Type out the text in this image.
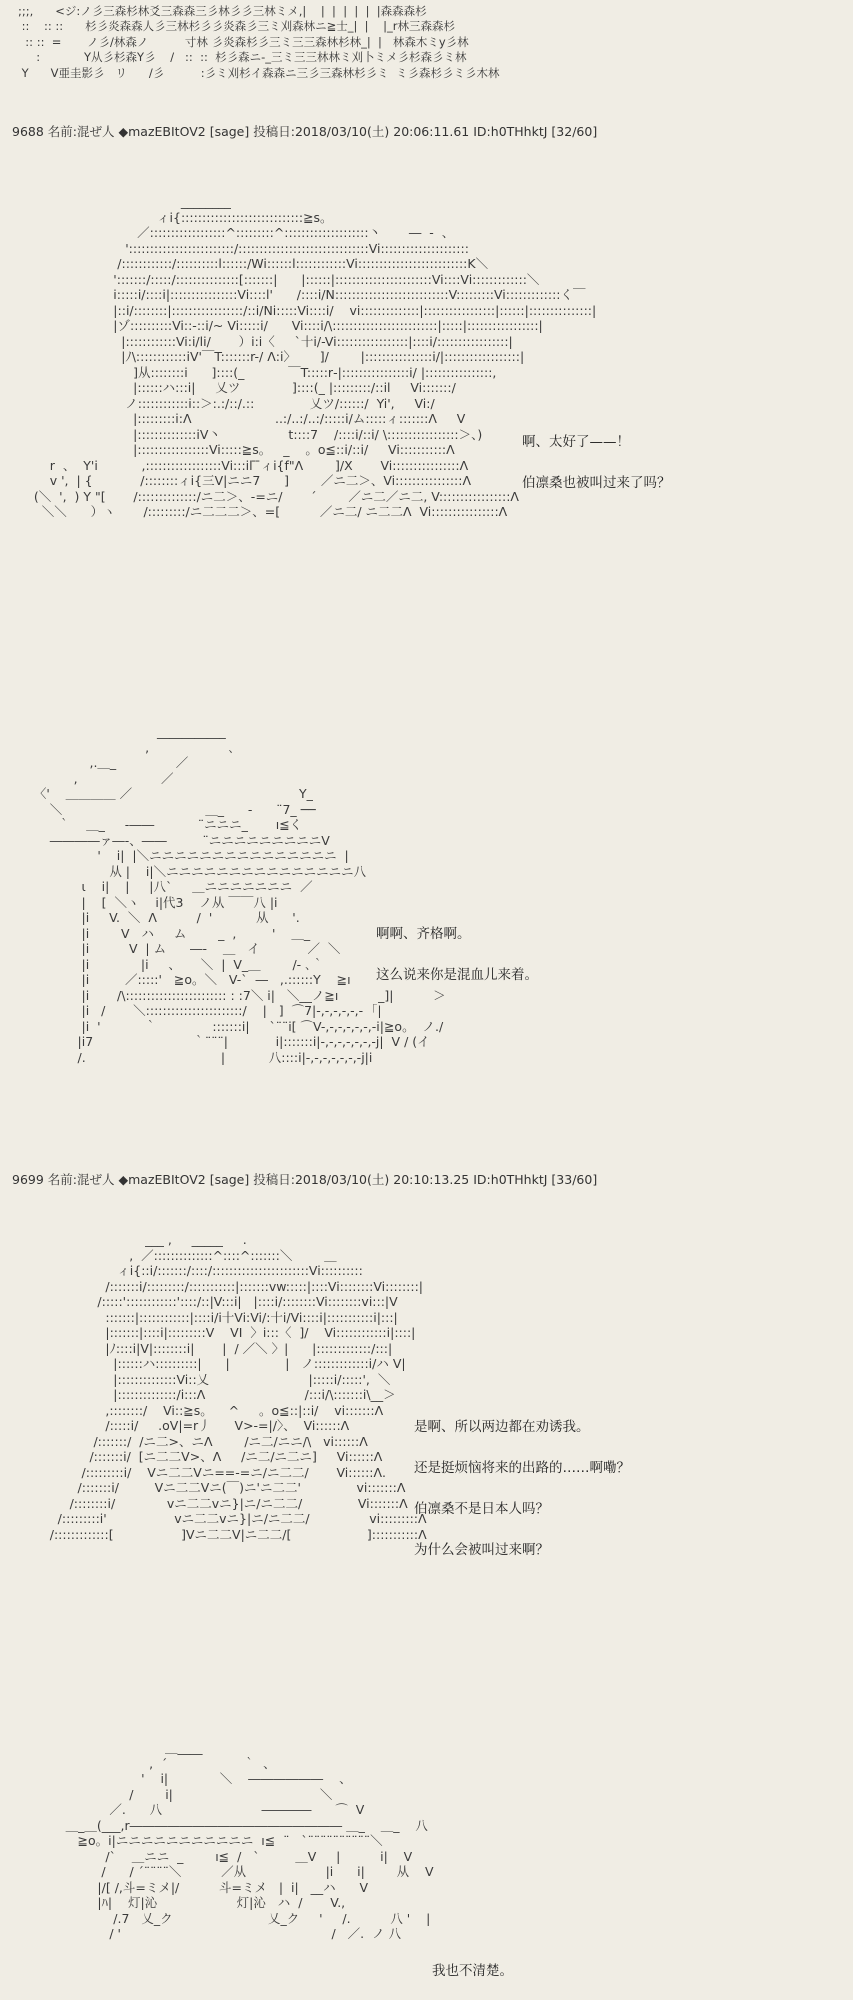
;;;,      <ジ:ノ彡三森杉林爻三森森三彡林彡彡三林ミメ,|    |  |  |  |  |  |森森森杉
::    :: ::      杉彡炎森森人彡三林杉彡彡炎森彡三ミ刈森林ニ≧士_|  |    |_r林三森森杉
:: ::  =       ノ彡/林森ノ          寸林 彡炎森杉彡三ミ三三森林杉林_|  |   林森木ミy彡林
:            Y从彡杉森Y彡    /   ::  ::  杉彡森ニ-_三ミ三三林林ミ刈卜ミメ彡杉森彡ミ林
Y      V亜圭影彡   リ      /彡          :彡ミ刈杉イ森森ニ三彡三森林杉彡ミ  ミ彡森杉彡ミ彡木林
9688 名前:混ぜ人 ◆mazEBItOV2 [sage] 投稿日:2018/03/10(土) 20:06:11.61 ID:h0THhktJ [32/60]
________
ィi{:::::::::::::::::::::::::::::≧s。
／::::::::::::::::::^:::::::::^::::::::::::::::::::丶       ―  -  、
':::::::::::::::::::::::::/:::::::::::::::::::::::::::::::Vi:::::::::::::::::::::
/::::::::::::/::::::::::l::::::/Wi::::::l::::::::::::Vi::::::::::::::::::::::::::K＼
':::::::/:::::/:::::::::::::::[:::::::|      |::::::|:::::::::::::::::::::::Vi::::Vi:::::::::::::＼
i:::::i/::::i|::::::::::::::::Vi::::l'      /::::i/N:::::::::::::::::::::::::::V:::::::::Vi:::::::::::::く￣
|::i/::::::::|:::::::::::::::::/::i/Ni:::::Vi::::i/    vi::::::::::::::|:::::::::::::::::|::::::|:::::::::::::::|
|ゾ::::::::::Vi::-::i/~ Vi:::::i/      Vi::::i/\:::::::::::::::::::::::::|:::::|:::::::::::::::::|
|::::::::::::Vi:i/li/       ）i:i〈     `十i/‐Vi:::::::::::::::::|::::i/:::::::::::::::::|
|ﾉ\::::::::::::iV'￣T:::::::r-/ Λ:i〉      ]/        |::::::::::::::::i/|::::::::::::::::::|
]从::::::::i      ]::::(_           ￣T:::::r‐|::::::::::::::::i/ |::::::::::::::::,
|::::::ハ:::i|     乂ツ             ]::::(_ |:::::::::/::il     Vi:::::::/
ノ::::::::::::i::＞:.:/::/.::              乂ツ/::::::/  Yi',     Vi:/
|:::::::::i:Λ                     ..:/..:/..:/:::::i/ム:::::ィ:::::::Λ     V
|::::::::::::::iV丶                 t::::7    /::::i/::i/ \:::::::::::::::::＞、)
|:::::::::::::::::Vi:::::≧s。   _    。o≦::i/::i/     Vi:::::::::::Λ
r  、  Y'i           ,::::::::::::::::::Vi:::il ̄ ̄ィi{f"Λ        ]/X       Vi::::::::::::::::Λ
v ',  | {            /::::::::ィi{三V|ニニ7      ]        ／ニ二＞、Vi::::::::::::::::Λ
(＼  ',  ) Y "[       /::::::::::::::/ニ二＞、-=ニ/       ´        ／ニ二／ニ二, V:::::::::::::::::Λ
＼＼      ）ヽ       /:::::::::/ニ二二二＞、=[          ／ニ二/ ニ二二Λ  Vi::::::::::::::::Λ
啊、太好了——！
伯凛桑也被叫过来了吗？
___________
,                    ､
,.＿_               ／
,                     ／
〈'    ＿＿＿＿ ／                                          Y_
＼                                    ＿_      -      ¨7_ ──
｀    ＿_     -――           ¨ニニニ_       ı≦く
――――ァ―-、――         ¨ニニニニニニニニニV
'    i|  |＼ニニニニニニニニニニニニニニニ  |
从 |    i|＼ニニニニニニニニニニニニニニニ八
ι    i|    |     |八`     ＿ニニニニニニニ  ／
|    [  ＼ヽ    i|代3    ノ从 ￣￣八 |i
|i     V.  ＼  Λ          /  '           从      '.
|i        V   ハ     ム        _  ,         '    ＿_
|i          V  | ム      ―-    ＿   イ            ／  ＼
|i             |i     、     ＼  |  V_＿        /- ､｀
|i         ／:::::'   ≧o。＼   V-`  ―   ,.::::::Y    ≧ı
|i       /\:::::::::::::::::::::::: : :7＼ i|   ＼__ノ≧ı          _]|          ＞
|i   /       ＼:::::::::::::::::::::::/    |   ]  ⌒7|-,-,-,-,-,-  ｢|
|i  '           ｀              :::::::i|     `¨¨i[ ⌒V-,-,-,-,-,-,-i|≧o。  ノ./
|i7                         ｀¨¨¨|            i|:::::::i|-,-,-,-,-,-,-j|  V / (イ
/.                                  |           八::::i|-,-,-,-,-,-,-j|i
啊啊、齐格啊。
这么说来你是混血儿来着。
9699 名前:混ぜ人 ◆mazEBItOV2 [sage] 投稿日:2018/03/10(土) 20:10:13.25 ID:h0THhktJ [33/60]
___ ,     _____     .
,  ／::::::::::::::^::::^:::::::＼        ＿
ィi{::i/:::::::/::::/:::::::::::::::::::::::Vi::::::::::
/:::::::i/:::::::::/:::::::::::|:::::::vw:::::|::::Vi::::::::Vi::::::::|
/:::::'::::::::::::'::::/::|V:::i|   |::::i/::::::::Vi::::::::vi:::|V
:::::::|::::::::::::|::::i/i十Vi:Vi/:十i/Vi::::i|:::::::::::i|:::|
|:::::::|::::i|:::::::::V    VI  〉i:::〈  ]/    Vi::::::::::::i|::::|
|ﾉ::::i|V|::::::::i|       |  / ／＼ 〉|      |:::::::::::::/:::|
|::::::ハ::::::::::|      |              |   ノ:::::::::::::i/ハ V|
|::::::::::::::Vi::乂                         |:::::i/:::::',  ＼
|::::::::::::::/i:::Λ                         /:::i/\:::::::i\__＞
,::::::::/    Vi::≧s。    ^     。o≦::|::i/    vi:::::::Λ
/:::::i/     .oV|=r丿      V>-=|/〉、  Vi::::::Λ
/:::::::/  /ニ二>、ニΛ        /ニ二/ニニ/\   vi::::::Λ
/:::::::i/  [ニ二二V>、Λ     /ニ二/ニ二ニ]     Vi::::::Λ
/:::::::::i/    Vニ二二Vニ==-=ニ/ニ二二/       Vi::::::Λ.
/:::::::i/         Vニ二二Vニ(￣)ニ'ニ二二'              vi:::::::Λ
/::::::::i/             vニ二二vニ}|ニ/ニ二二/              Vi:::::::Λ
/:::::::::i'                 vニ二二vニ}|ニ/ニ二二/               vi:::::::::Λ
/:::::::::::::[                 ]Vニ二二V|ニ二二/[                   ]:::::::::::Λ
是啊、所以两边都在劝诱我。
还是挺烦恼将来的出路的……啊嘞？
伯凛桑不是日本人吗？
为什么会被叫过来啊？
＿____
,  ´                   ｀  、
'    i|             ＼    ――――――    、
/        i|                                     ＼
／.      八                         ――――      ⌒  V
＿_＿(___,r――――――――――――――――― ＿_    ＿_    八
≧o。i|ニニニニニニニニニニニ  ı≦  ¨   `¨¨¨¨¨¨¨¨¨¨＼
/`    ＿ニニ  _        ı≦  /   `         ＿V     |          i|    V
/      / ´¨¨¨¨＼          ／从                    |i      i|        从    V
|/[ /,斗=ミメ|/          斗=ミメ   |  i|   __ハ      V
|ﾊ|    灯|沁                    灯|沁   ハ  /       V.,
/.7   乂_ク                        乂_ク     '     /.          八 '    |
/ '                                                     /   ／.  ノ 八
我也不清楚。
